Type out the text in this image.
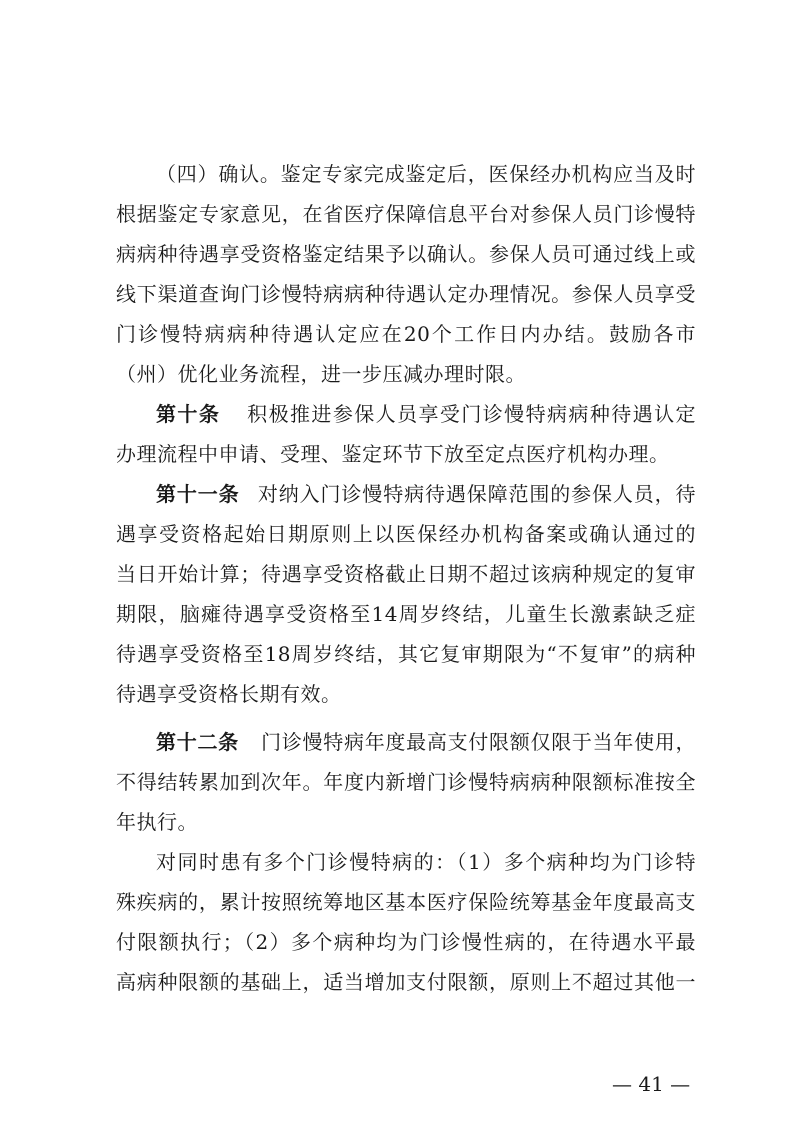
（四）确认。鉴定专家完成鉴定后，医保经办机构应当及时
根据鉴定专家意见，在省医疗保障信息平台对参保人员门诊慢特
病病种待遇享受资格鉴定结果予以确认。参保人员可通过线上或
线下渠道查询门诊慢特病病种待遇认定办理情况。参保人员享受
门诊慢特病病种待遇认定应在20个工作日内办结。鼓励各市
（州）优化业务流程，进一步压减办理时限。
第十条 积极推进参保人员享受门诊慢特病病种待遇认定
办理流程中申请、受理、鉴定环节下放至定点医疗机构办理。
第十一条 对纳入门诊慢特病待遇保障范围的参保人员，待
遇享受资格起始日期原则上以医保经办机构备案或确认通过的
当日开始计算；待遇享受资格截止日期不超过该病种规定的复审
期限，脑瘫待遇享受资格至14周岁终结，儿童生长激素缺乏症
待遇享受资格至18周岁终结，其它复审期限为“不复审”的病种
待遇享受资格长期有效。
第十二条 门诊慢特病年度最高支付限额仅限于当年使用，
不得结转累加到次年。年度内新增门诊慢特病病种限额标准按全
年执行。
对同时患有多个门诊慢特病的：（1）多个病种均为门诊特
殊疾病的，累计按照统筹地区基本医疗保险统筹基金年度最高支
付限额执行；（2）多个病种均为门诊慢性病的，在待遇水平最
高病种限额的基础上，适当增加支付限额，原则上不超过其他一
— 41 —
